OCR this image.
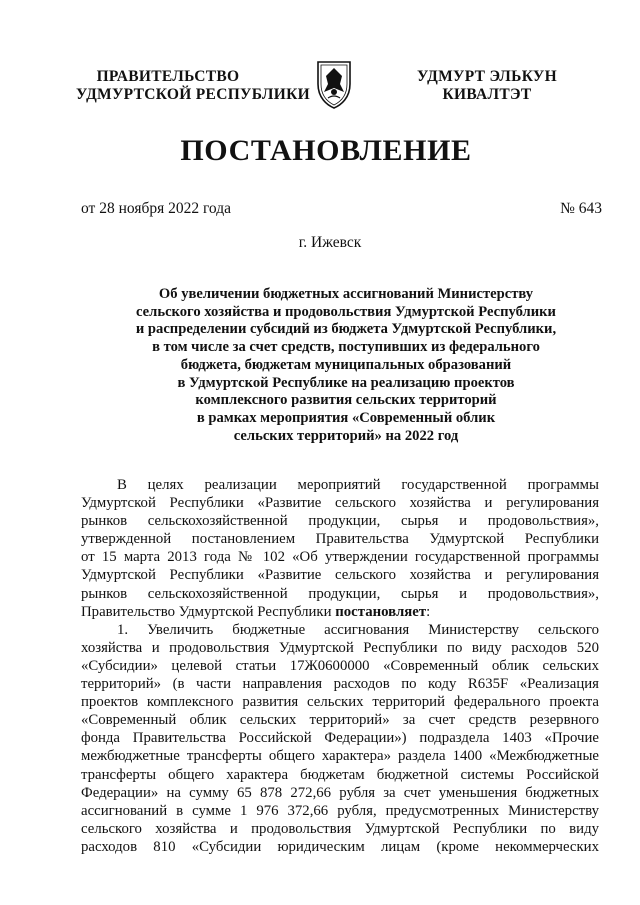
ПРАВИТЕЛЬСТВО
УДМУРТСКОЙ РЕСПУБЛИКИ
УДМУРТ ЭЛЬКУН
КИВАЛТЭТ
ПОСТАНОВЛЕНИЕ
от 28 ноября 2022 года	№ 643
г. Ижевск
Об увеличении бюджетных ассигнований Министерству
сельского хозяйства и продовольствия Удмуртской Республики
и распределении субсидий из бюджета Удмуртской Республики,
в том числе за счет средств, поступивших из федерального
бюджета, бюджетам муниципальных образований
в Удмуртской Республике на реализацию проектов
комплексного развития сельских территорий
в рамках мероприятия «Современный облик
сельских территорий» на 2022 год
В целях реализации мероприятий государственной программы
Удмуртской Республики «Развитие сельского хозяйства и регулирования
рынков сельскохозяйственной продукции, сырья и продовольствия»,
утвержденной постановлением Правительства Удмуртской Республики
от 15 марта 2013 года № 102 «Об утверждении государственной программы
Удмуртской Республики «Развитие сельского хозяйства и регулирования
рынков сельскохозяйственной продукции, сырья и продовольствия»,
Правительство Удмуртской Республики постановляет:
1. Увеличить бюджетные ассигнования Министерству сельского
хозяйства и продовольствия Удмуртской Республики по виду расходов 520
«Субсидии» целевой статьи 17Ж0600000 «Современный облик сельских
территорий» (в части направления расходов по коду R635F «Реализация
проектов комплексного развития сельских территорий федерального проекта
«Современный облик сельских территорий» за счет средств резервного
фонда Правительства Российской Федерации») подраздела 1403 «Прочие
межбюджетные трансферты общего характера» раздела 1400 «Межбюджетные
трансферты общего характера бюджетам бюджетной системы Российской
Федерации» на сумму 65 878 272,66 рубля за счет уменьшения бюджетных
ассигнований в сумме 1 976 372,66 рубля, предусмотренных Министерству
сельского хозяйства и продовольствия Удмуртской Республики по виду
расходов 810 «Субсидии юридическим лицам (кроме некоммерческих
